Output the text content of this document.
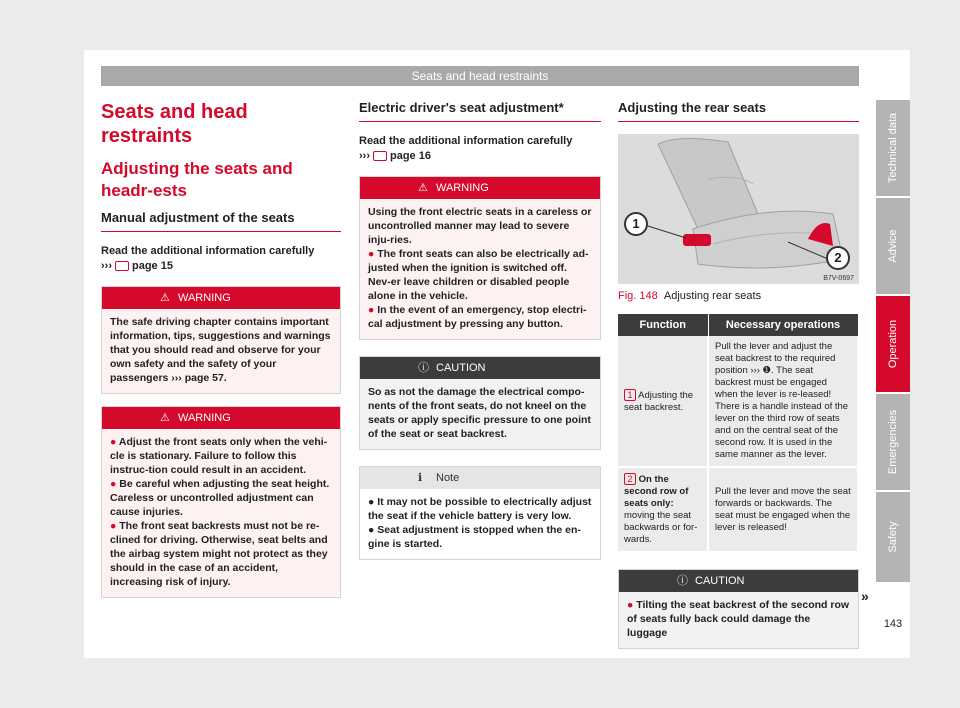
Seats and head restraints
Seats and head restraints
Adjusting the seats and headr-ests
Manual adjustment of the seats

Read the additional information carefully
››› page 15

⚠ WARNING
The safe driving chapter contains important information, tips, suggestions and warnings that you should read and observe for your own safety and the safety of your passengers ››› page 57.
⚠ WARNING
● Adjust the front seats only when the vehi-cle is stationary. Failure to follow this instruc-tion could result in an accident.
● Be careful when adjusting the seat height. Careless or uncontrolled adjustment can cause injuries.
● The front seat backrests must not be re-clined for driving. Otherwise, seat belts and the airbag system might not protect as they should in the case of an accident, increasing risk of injury.
Electric driver's seat adjustment*

Read the additional information carefully
››› page 16

⚠ WARNING
Using the front electric seats in a careless or uncontrolled manner may lead to severe inju-ries.
● The front seats can also be electrically ad-justed when the ignition is switched off. Nev-er leave children or disabled people alone in the vehicle.
● In the event of an emergency, stop electri-cal adjustment by pressing any button.
ⓘ CAUTION
So as not the damage the electrical compo-nents of the front seats, do not kneel on the seats or apply specific pressure to one point of the seat or seat backrest.
ℹ Note
● It may not be possible to electrically adjust the seat if the vehicle battery is very low.
● Seat adjustment is stopped when the en-gine is started.
Adjusting the rear seats
B7V-0697
1
2
Fig. 148 Adjusting rear seats
Function	Necessary operations
1 Adjusting the seat backrest.	Pull the lever and adjust the seat backrest to the required position ››› ❶. The seat backrest must be engaged when the lever is re-leased! There is a handle instead of the lever on the third row of seats and on the central seat of the second row. It is used in the same manner as the lever.
2 On the second row of seats only: moving the seat backwards or for-wards.	Pull the lever and move the seat forwards or backwards. The seat must be engaged when the lever is released!
ⓘ CAUTION
● Tilting the seat backrest of the second row of seats fully back could damage the luggage
»
Technical data
Advice
Operation
Emergencies
Safety
143
